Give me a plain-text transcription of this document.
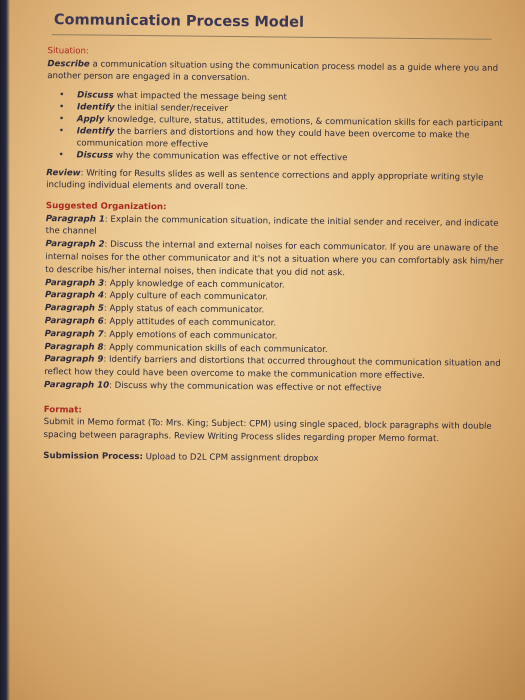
Communication Process Model

Situation:

Describe a communication situation using the communication process model as a guide where you and another person are engaged in a conversation.

• Discuss what impacted the message being sent
• Identify the initial sender/receiver
• Apply knowledge, culture, status, attitudes, emotions, & communication skills for each participant
• Identify the barriers and distortions and how they could have been overcome to make the communication more effective
• Discuss why the communication was effective or not effective

Review: Writing for Results slides as well as sentence corrections and apply appropriate writing style including individual elements and overall tone.

Suggested Organization:

Paragraph 1: Explain the communication situation, indicate the initial sender and receiver, and indicate the channel

Paragraph 2: Discuss the internal and external noises for each communicator. If you are unaware of the internal noises for the other communicator and it's not a situation where you can comfortably ask him/her to describe his/her internal noises, then indicate that you did not ask.

Paragraph 3: Apply knowledge of each communicator.

Paragraph 4: Apply culture of each communicator.

Paragraph 5: Apply status of each communicator.

Paragraph 6: Apply attitudes of each communicator.

Paragraph 7: Apply emotions of each communicator.

Paragraph 8: Apply communication skills of each communicator.

Paragraph 9: Identify barriers and distortions that occurred throughout the communication situation and reflect how they could have been overcome to make the communication more effective.

Paragraph 10: Discuss why the communication was effective or not effective

Format:

Submit in Memo format (To: Mrs. King; Subject: CPM) using single spaced, block paragraphs with double spacing between paragraphs. Review Writing Process slides regarding proper Memo format.

Submission Process: Upload to D2L CPM assignment dropbox
